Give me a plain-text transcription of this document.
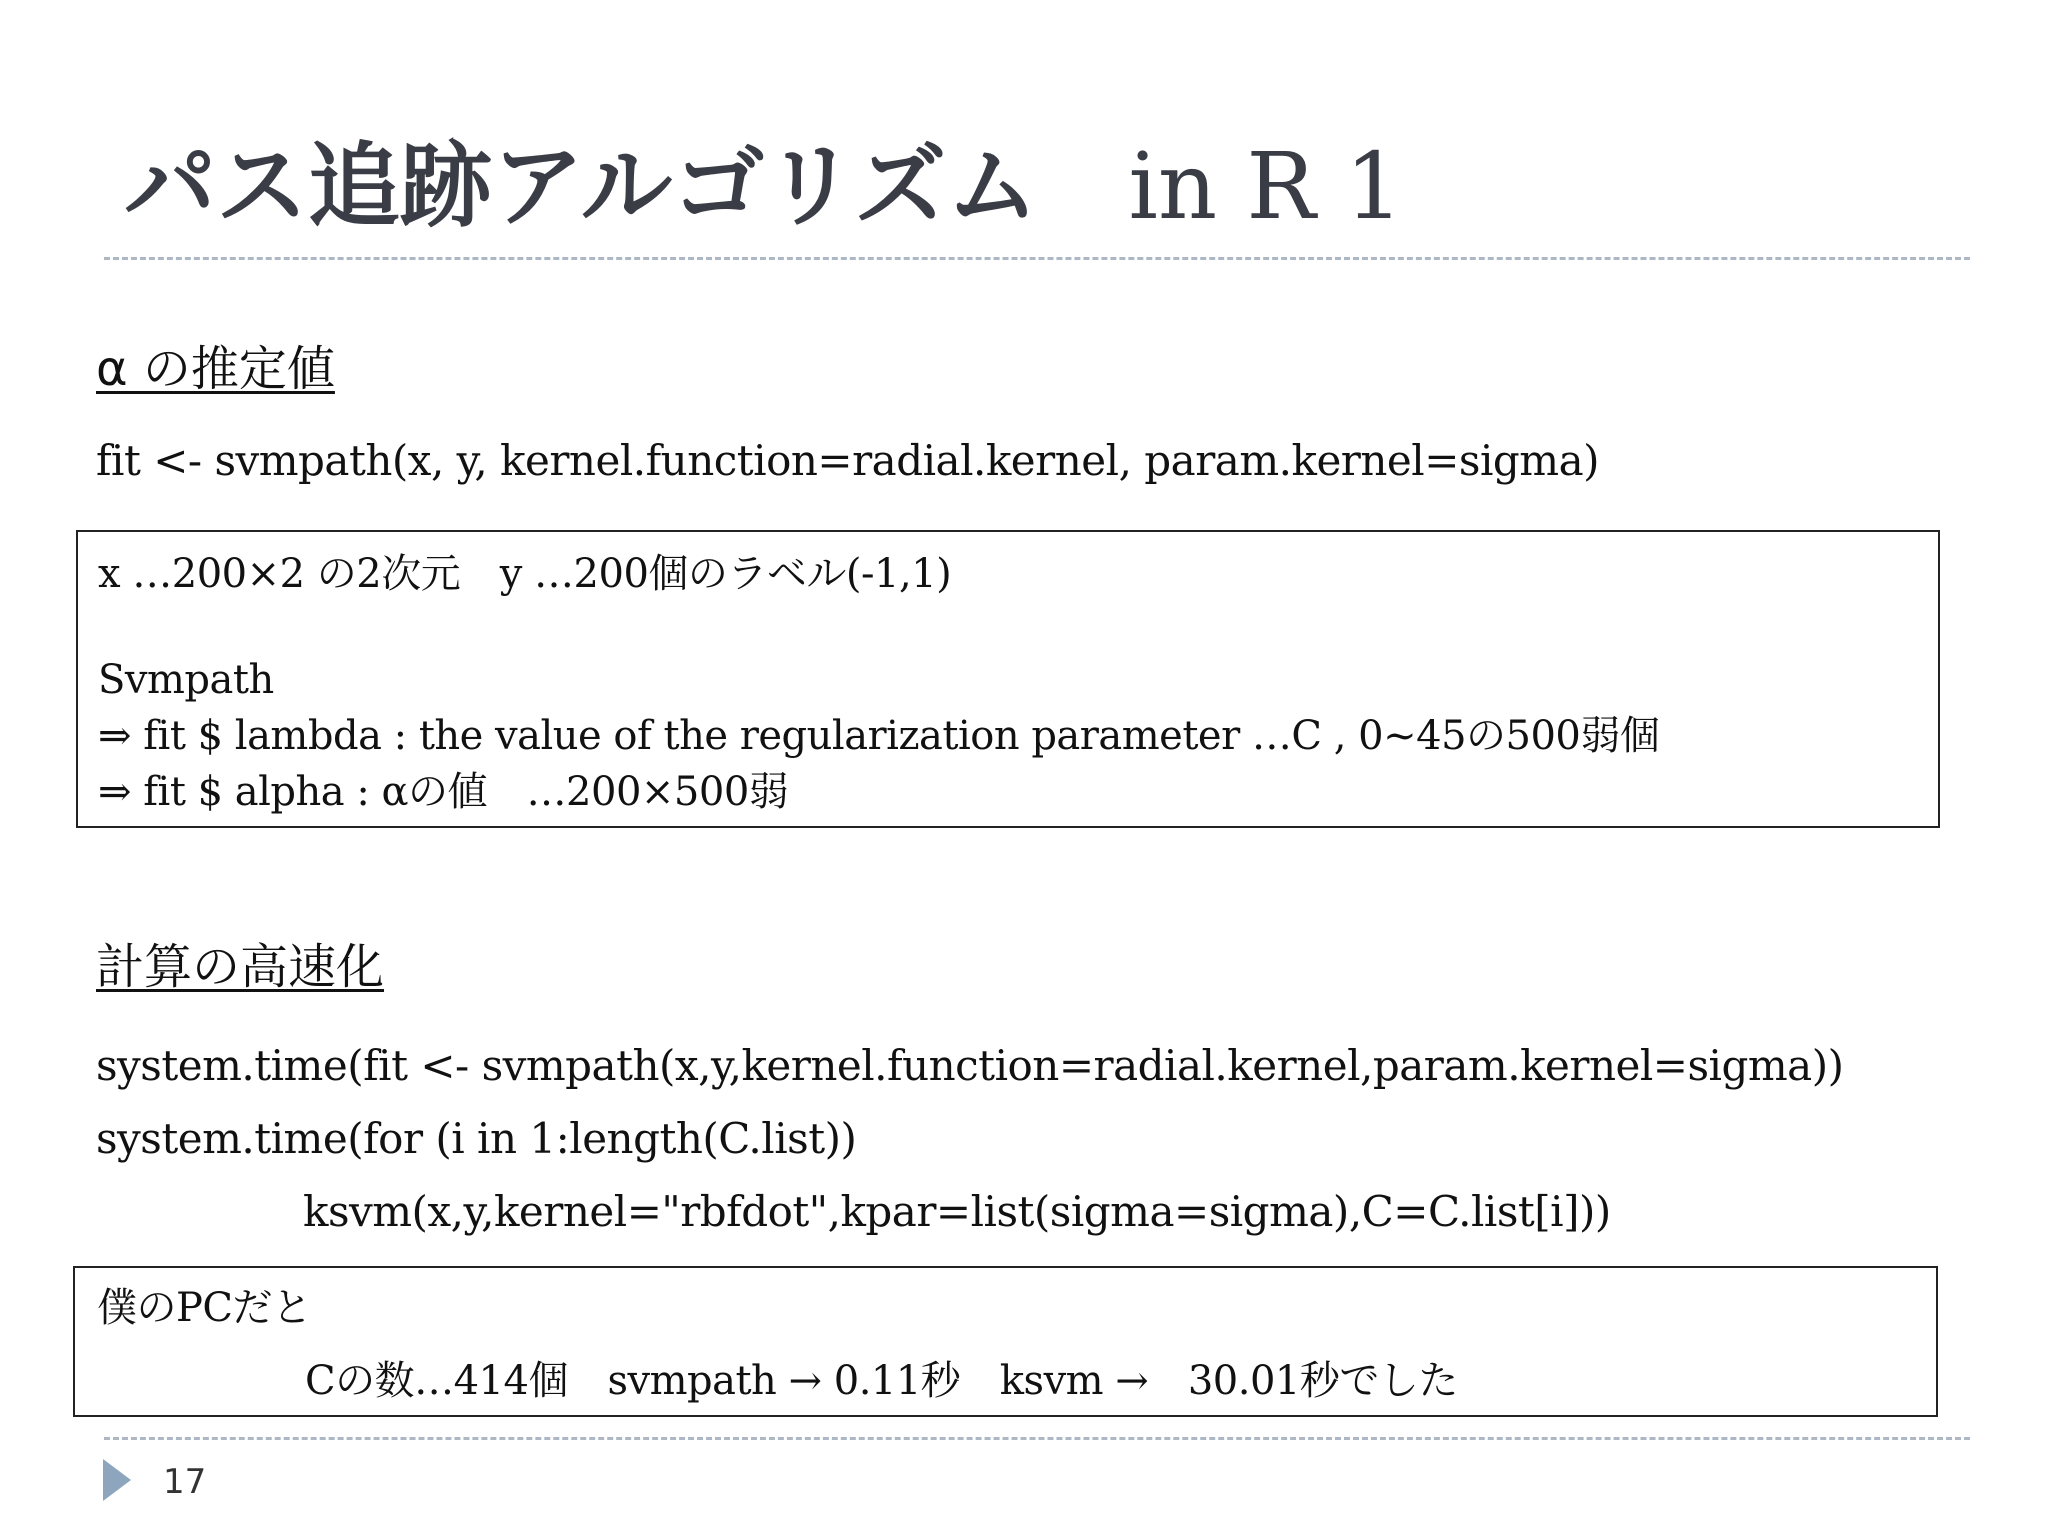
パス追跡アルゴリズム in R 1
α の推定値
fit <- svmpath(x, y, kernel.function=radial.kernel, param.kernel=sigma)
x …200×2 の2次元　y …200個のラベル(-1,1)
Svmpath
⇒ fit $ lambda : the value of the regularization parameter …C , 0~45の500弱個
⇒ fit $ alpha : αの値　…200×500弱
計算の高速化
system.time(fit <- svmpath(x,y,kernel.function=radial.kernel,param.kernel=sigma))
system.time(for (i in 1:length(C.list))
ksvm(x,y,kernel="rbfdot",kpar=list(sigma=sigma),C=C.list[i]))
僕のPCだと
Cの数…414個　svmpath → 0.11秒　ksvm →　30.01秒でした
17
